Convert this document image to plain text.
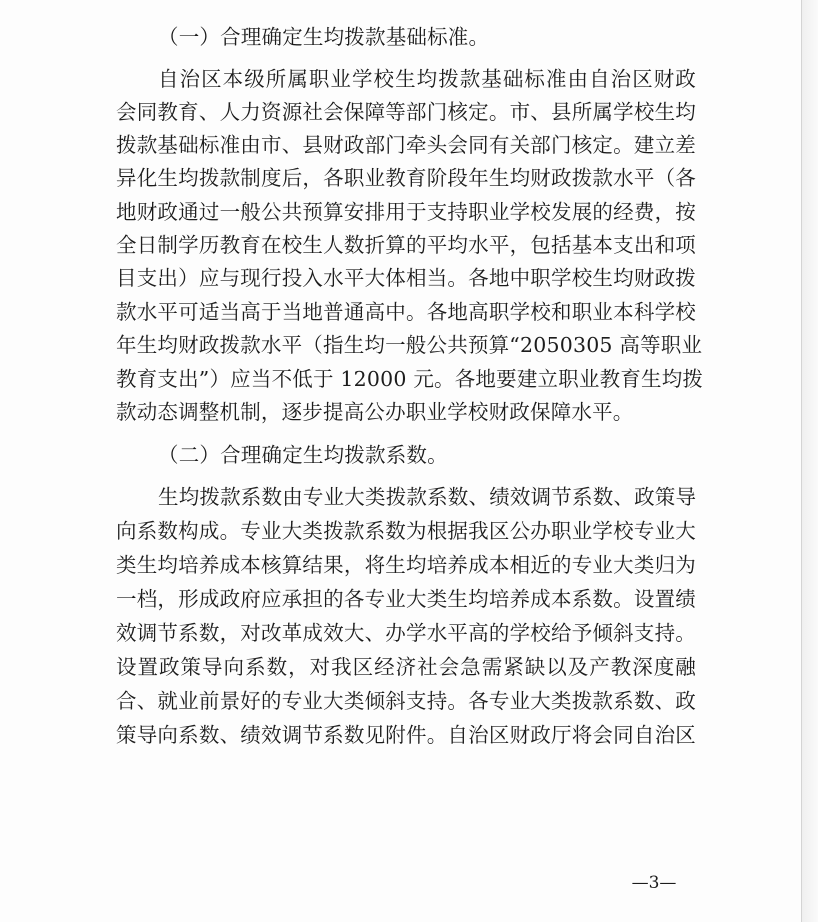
（一）合理确定生均拨款基础标准。

自治区本级所属职业学校生均拨款基础标准由自治区财政

会同教育、人力资源社会保障等部门核定。市、县所属学校生均

拨款基础标准由市、县财政部门牵头会同有关部门核定。建立差

异化生均拨款制度后，各职业教育阶段年生均财政拨款水平（各

地财政通过一般公共预算安排用于支持职业学校发展的经费，按

全日制学历教育在校生人数折算的平均水平，包括基本支出和项

目支出）应与现行投入水平大体相当。各地中职学校生均财政拨

款水平可适当高于当地普通高中。各地高职学校和职业本科学校

年生均财政拨款水平（指生均一般公共预算“2050305 高等职业

教育支出”）应当不低于 12000 元。各地要建立职业教育生均拨

款动态调整机制，逐步提高公办职业学校财政保障水平。

（二）合理确定生均拨款系数。

生均拨款系数由专业大类拨款系数、绩效调节系数、政策导

向系数构成。专业大类拨款系数为根据我区公办职业学校专业大

类生均培养成本核算结果，将生均培养成本相近的专业大类归为

一档，形成政府应承担的各专业大类生均培养成本系数。设置绩

效调节系数，对改革成效大、办学水平高的学校给予倾斜支持。

设置政策导向系数，对我区经济社会急需紧缺以及产教深度融

合、就业前景好的专业大类倾斜支持。各专业大类拨款系数、政

策导向系数、绩效调节系数见附件。自治区财政厅将会同自治区

—3—
